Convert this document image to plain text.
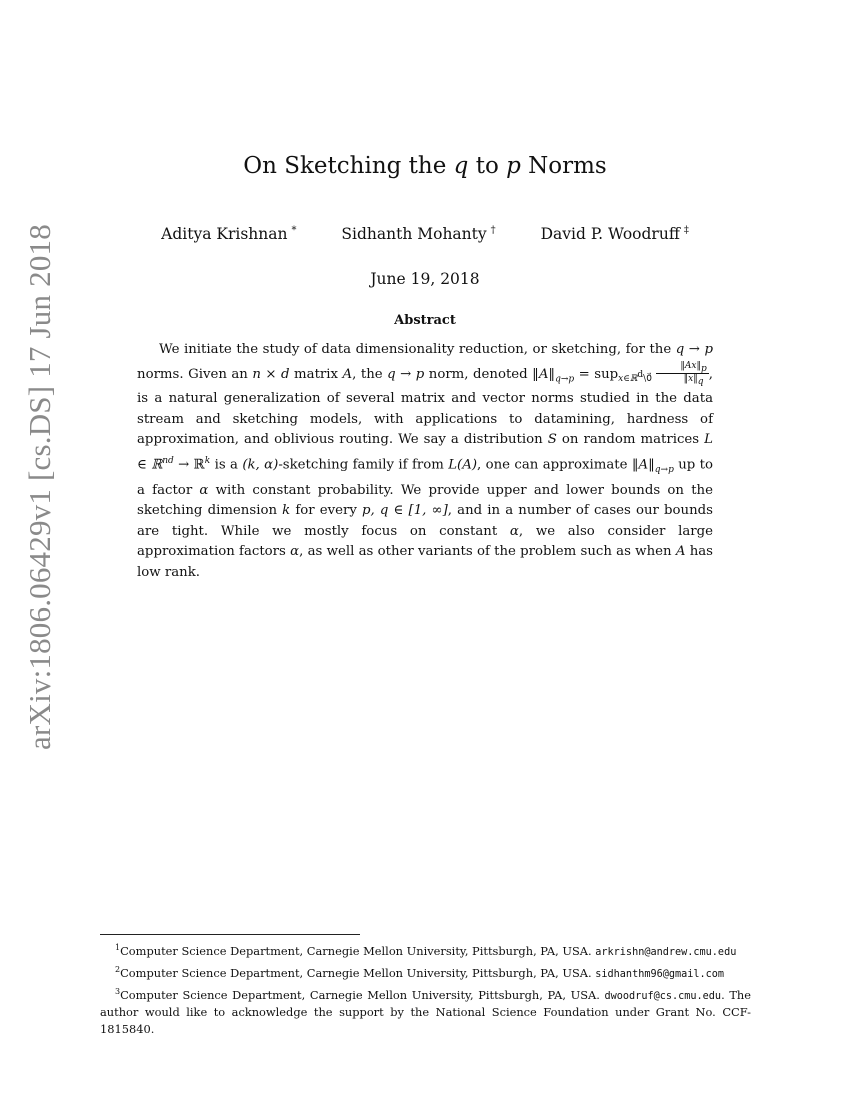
arXiv:1806.06429v1 [cs.DS] 17 Jun 2018
On Sketching the q to p Norms
Aditya Krishnan *	Sidhanth Mohanty †	David P. Woodruff ‡
June 19, 2018
Abstract
We initiate the study of data dimensionality reduction, or sketching, for the q → p norms. Given an n × d matrix A, the q → p norm, denoted $‖A‖_{q\to p} = sup_{x\in ℝ^d\backslash 0⃗} \frac{‖Ax‖_p}{‖x‖_q}$ , is a natural generalization of several matrix and vector norms studied in the data stream and sketching models, with applications to datamining, hardness of approximation, and oblivious routing. We say a distribution S on random matrices L ∈ ℝ$^{nd}$ → ℝ$^k$ is a (k, α)-sketching family if from L(A), one can approximate $‖A‖_{q\to p}$ up to a factor α with constant probability. We provide upper and lower bounds on the sketching dimension k for every p, q ∈ [1, ∞], and in a number of cases our bounds are tight. While we mostly focus on constant α, we also consider large approximation factors α, as well as other variants of the problem such as when A has low rank.
$^1$Computer Science Department, Carnegie Mellon University, Pittsburgh, PA, USA. arkrishn@andrew.cmu.edu
$^2$Computer Science Department, Carnegie Mellon University, Pittsburgh, PA, USA. sidhanthm96@gmail.com
$^3$Computer Science Department, Carnegie Mellon University, Pittsburgh, PA, USA. dwoodruf@cs.cmu.edu. The author would like to acknowledge the support by the National Science Foundation under Grant No. CCF-1815840.
